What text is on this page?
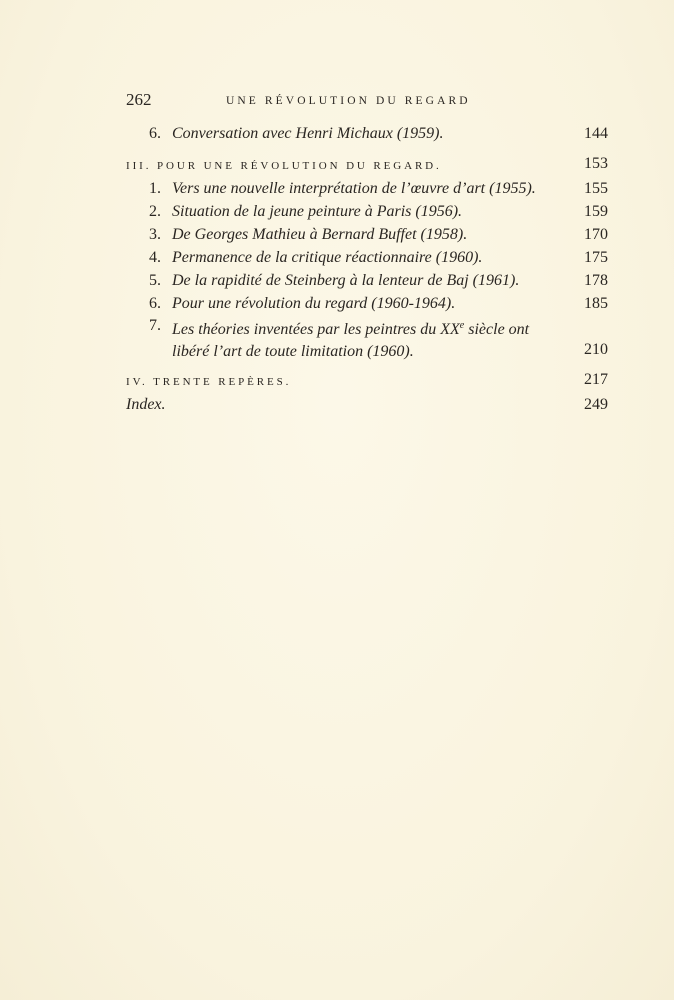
262	UNE RÉVOLUTION DU REGARD
6. Conversation avec Henri Michaux (1959).	144
III. POUR UNE RÉVOLUTION DU REGARD.	153
1. Vers une nouvelle interprétation de l’œuvre d’art (1955).	155
2. Situation de la jeune peinture à Paris (1956).	159
3. De Georges Mathieu à Bernard Buffet (1958).	170
4. Permanence de la critique réactionnaire (1960).	175
5. De la rapidité de Steinberg à la lenteur de Baj (1961).	178
6. Pour une révolution du regard (1960-1964).	185
7. Les théories inventées par les peintres du XXe siècle ont
libéré l’art de toute limitation (1960).	210
IV. TRENTE REPÈRES.	217
Index.	249
